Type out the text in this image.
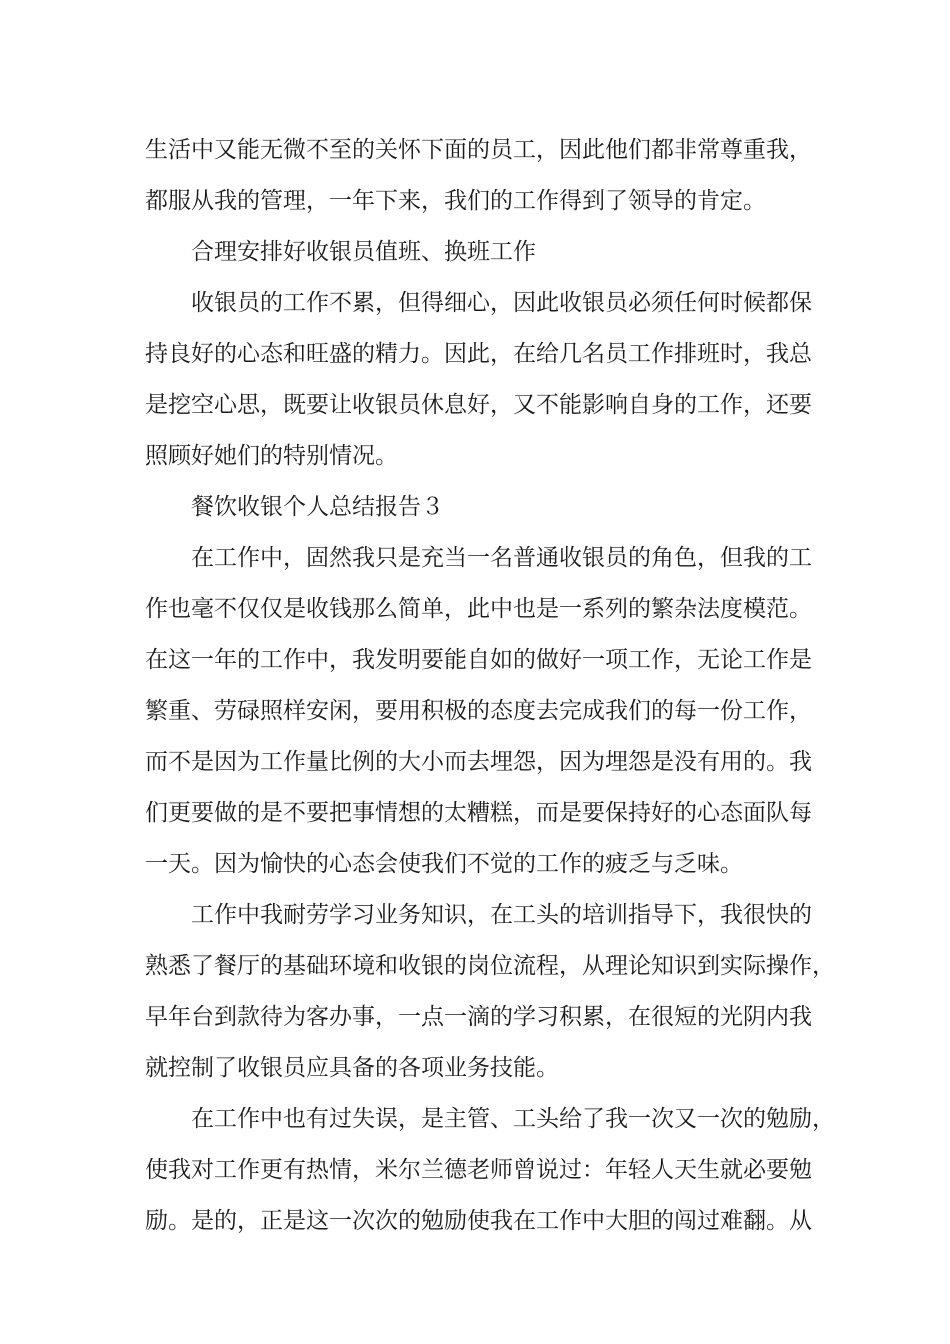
生活中又能无微不至的关怀下面的员工，因此他们都非常尊重我，

都服从我的管理，一年下来，我们的工作得到了领导的肯定。

合理安排好收银员值班、换班工作

收银员的工作不累，但得细心，因此收银员必须任何时候都保

持良好的心态和旺盛的精力。因此，在给几名员工作排班时，我总

是挖空心思，既要让收银员休息好，又不能影响自身的工作，还要

照顾好她们的特别情况。

餐饮收银个人总结报告３

在工作中，固然我只是充当一名普通收银员的角色，但我的工

作也毫不仅仅是收钱那么简单，此中也是一系列的繁杂法度模范。

在这一年的工作中，我发明要能自如的做好一项工作，无论工作是

繁重、劳碌照样安闲，要用积极的态度去完成我们的每一份工作，

而不是因为工作量比例的大小而去埋怨，因为埋怨是没有用的。我

们更要做的是不要把事情想的太糟糕，而是要保持好的心态面队每

一天。因为愉快的心态会使我们不觉的工作的疲乏与乏味。

工作中我耐劳学习业务知识，在工头的培训指导下，我很快的

熟悉了餐厅的基础环境和收银的岗位流程，从理论知识到实际操作，

早年台到款待为客办事，一点一滴的学习积累，在很短的光阴内我

就控制了收银员应具备的各项业务技能。

在工作中也有过失误，是主管、工头给了我一次又一次的勉励，

使我对工作更有热情，米尔兰德老师曾说过：年轻人天生就必要勉

励。是的，正是这一次次的勉励使我在工作中大胆的闯过难翻。从
